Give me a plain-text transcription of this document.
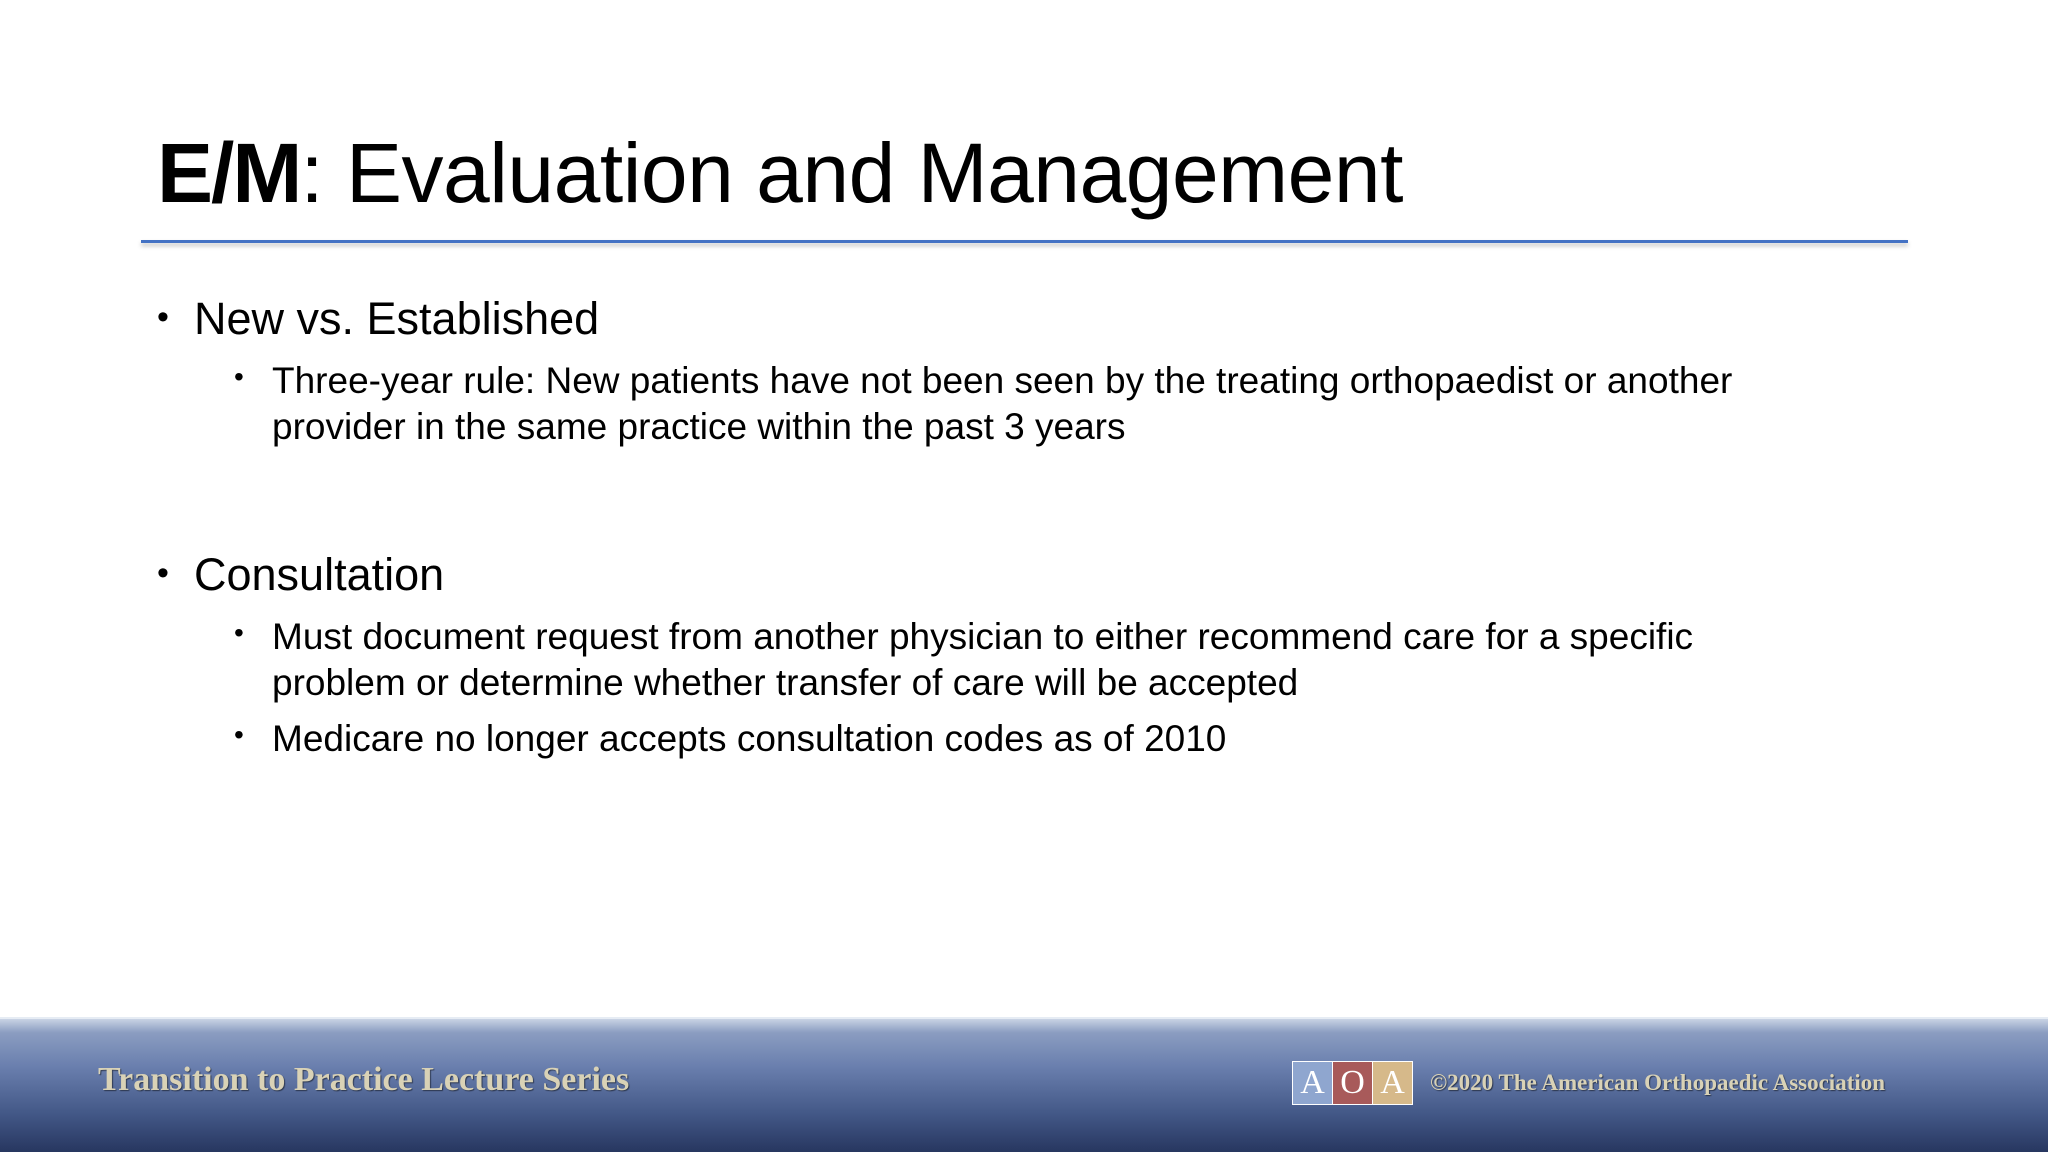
E/M: Evaluation and Management
• New vs. Established
• Three-year rule: New patients have not been seen by the treating orthopaedist or another
provider in the same practice within the past 3 years
• Consultation
• Must document request from another physician to either recommend care for a specific
problem or determine whether transfer of care will be accepted
• Medicare no longer accepts consultation codes as of 2010
Transition to Practice Lecture Series	A O A	©2020 The American Orthopaedic Association
